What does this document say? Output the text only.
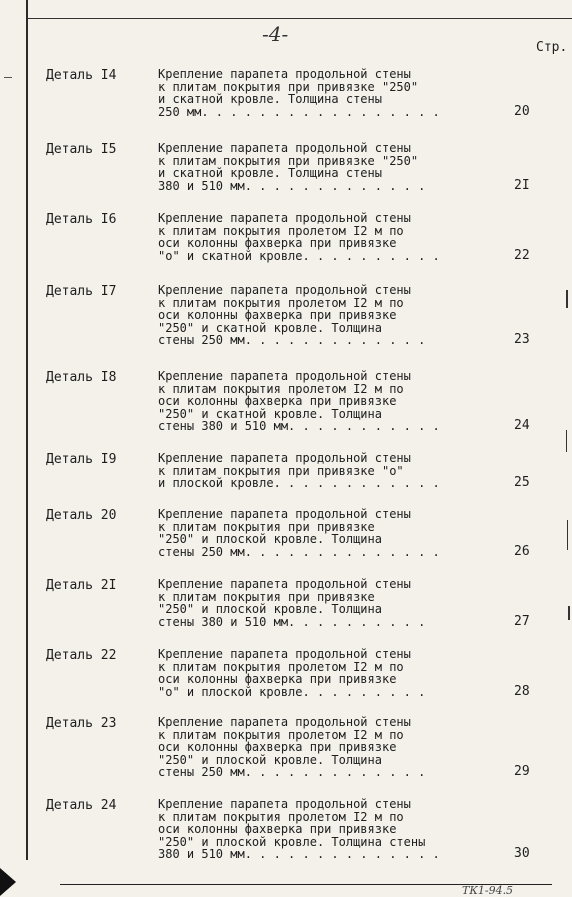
-4-
Стр.
Деталь I4	Крепление парапета продольной стены
к плитам покрытия при привязке "250"
и скатной кровле. Толщина стены
250 мм. . . . . . . . . . . . . . . . .	20
Деталь I5	Крепление парапета продольной стены
к плитам покрытия при привязке "250"
и скатной кровле. Толщина стены
380 и 510 мм. . . . . . . . . . . . .	2I
Деталь I6	Крепление парапета продольной стены
к плитам покрытия пролетом I2 м по
оси колонны фахверка при привязке
"о" и скатной кровле. . . . . . . . . .	22
Деталь I7	Крепление парапета продольной стены
к плитам покрытия пролетом I2 м по
оси колонны фахверка при привязке
"250" и скатной кровле. Толщина
стены 250 мм. . . . . . . . . . . . .	23
Деталь I8	Крепление парапета продольной стены
к плитам покрытия пролетом I2 м по
оси колонны фахверка при привязке
"250" и скатной кровле. Толщина
стены 380 и 510 мм. . . . . . . . . . .	24
Деталь I9	Крепление парапета продольной стены
к плитам покрытия при привязке "о"
и плоской кровле. . . . . . . . . . . .	25
Деталь 20	Крепление парапета продольной стены
к плитам покрытия при привязке
"250" и плоской кровле. Толщина
стены 250 мм. . . . . . . . . . . . . .	26
Деталь 2I	Крепление парапета продольной стены
к плитам покрытия при привязке
"250" и плоской кровле. Толщина
стены 380 и 510 мм. . . . . . . . . .	27
Деталь 22	Крепление парапета продольной стены
к плитам покрытия пролетом I2 м по
оси колонны фахверка при привязке
"о" и плоской кровле. . . . . . . . .	28
Деталь 23	Крепление парапета продольной стены
к плитам покрытия пролетом I2 м по
оси колонны фахверка при привязке
"250" и плоской кровле. Толщина
стены 250 мм. . . . . . . . . . . . .	29
Деталь 24	Крепление парапета продольной стены
к плитам покрытия пролетом I2 м по
оси колонны фахверка при привязке
"250" и плоской кровле. Толщина стены
380 и 510 мм. . . . . . . . . . . . . .	30
ТК1-94.5
